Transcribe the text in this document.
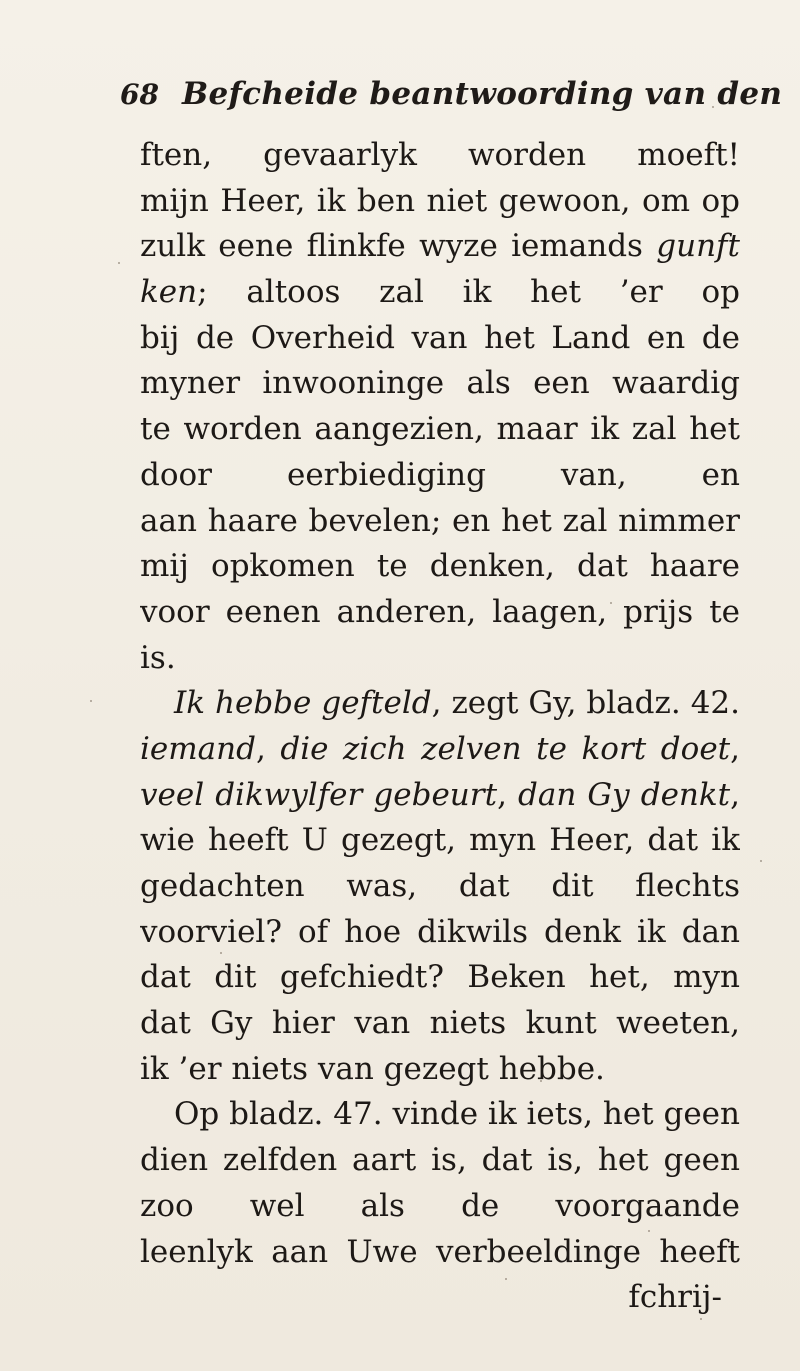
68 Befcheide beantwoording van den
ften, gevaarlyk worden moeft!
mijn Heer, ik ben niet gewoon, om op
zulk eene flinkfe wyze iemands gunft
ken; altoos zal ik het ’er op
bij de Overheid van het Land en de
myner inwooninge als een waardig
te worden aangezien, maar ik zal het
door eerbiediging van, en
aan haare bevelen; en het zal nimmer
mij opkomen te denken, dat haare
voor eenen anderen, laagen, prijs te
is.
Ik hebbe gefteld, zegt Gy, bladz. 42.
iemand, die zich zelven te kort doet,
veel dikwylfer gebeurt, dan Gy denkt,
wie heeft U gezegt, myn Heer, dat ik
gedachten was, dat dit flechts
voorviel? of hoe dikwils denk ik dan
dat dit gefchiedt? Beken het, myn
dat Gy hier van niets kunt weeten,
ik ’er niets van gezegt hebbe.
Op bladz. 47. vinde ik iets, het geen
dien zelfden aart is, dat is, het geen
zoo wel als de voorgaande
leenlyk aan Uwe verbeeldinge heeft
fchrij-
